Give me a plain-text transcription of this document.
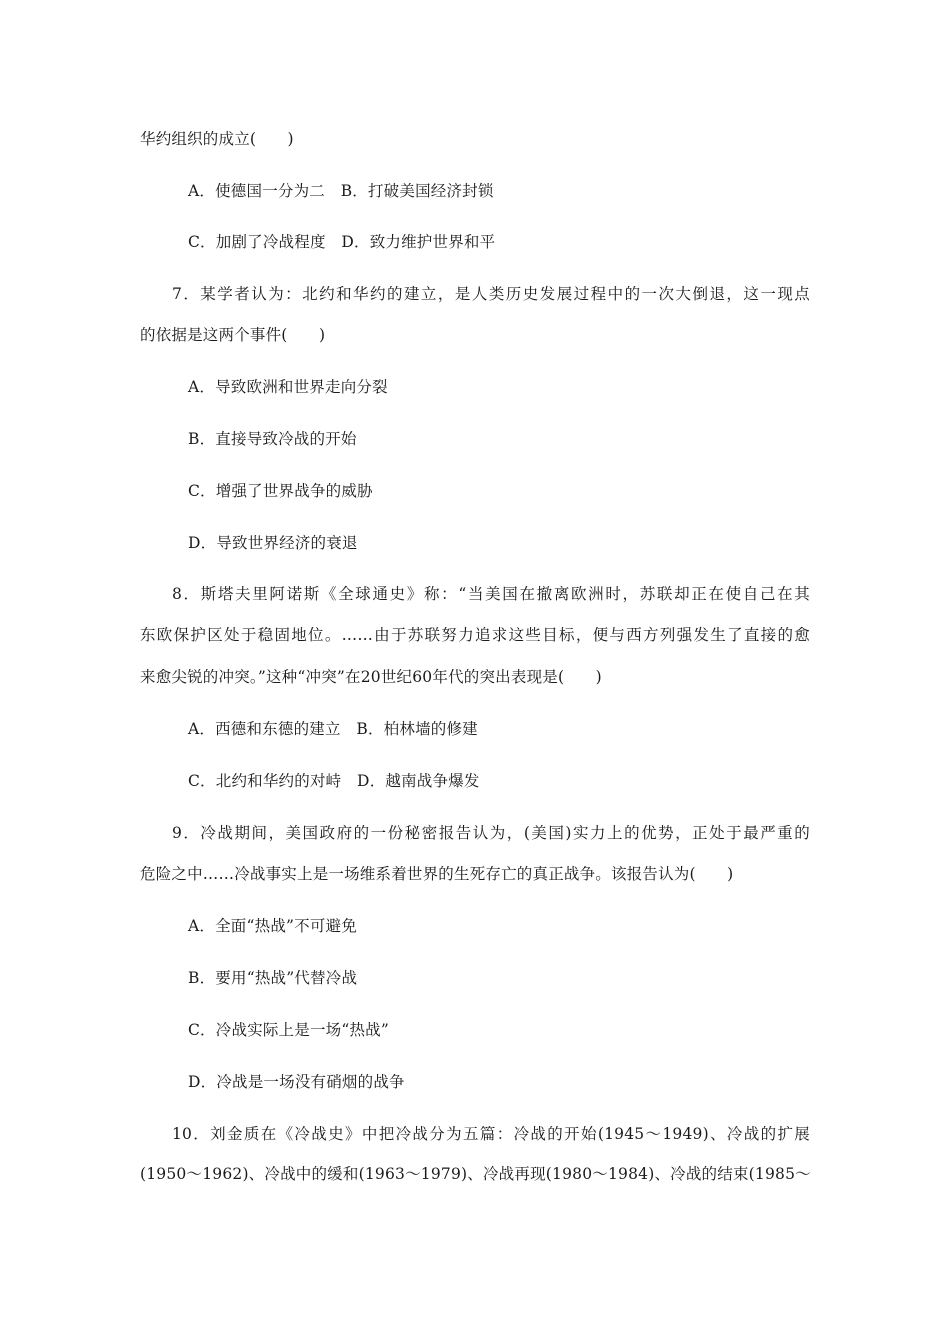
华约组织的成立(　　)
A．使德国一分为二　B．打破美国经济封锁
C．加剧了冷战程度　D．致力维护世界和平
7．某学者认为：北约和华约的建立，是人类历史发展过程中的一次大倒退，这一现点
的依据是这两个事件(　　)
A．导致欧洲和世界走向分裂
B．直接导致冷战的开始
C．增强了世界战争的威胁
D．导致世界经济的衰退
8．斯塔夫里阿诺斯《全球通史》称：“当美国在撤离欧洲时，苏联却正在使自己在其
东欧保护区处于稳固地位。……由于苏联努力追求这些目标，便与西方列强发生了直接的愈
来愈尖锐的冲突。”这种“冲突”在20世纪60年代的突出表现是(　　)
A．西德和东德的建立　B．柏林墙的修建
C．北约和华约的对峙　D．越南战争爆发
9．冷战期间，美国政府的一份秘密报告认为，(美国)实力上的优势，正处于最严重的
危险之中……冷战事实上是一场维系着世界的生死存亡的真正战争。该报告认为(　　)
A．全面“热战”不可避免
B．要用“热战”代替冷战
C．冷战实际上是一场“热战”
D．冷战是一场没有硝烟的战争
10．刘金质在《冷战史》中把冷战分为五篇：冷战的开始(1945～1949)、冷战的扩展
(1950～1962)、冷战中的缓和(1963～1979)、冷战再现(1980～1984)、冷战的结束(1985～
